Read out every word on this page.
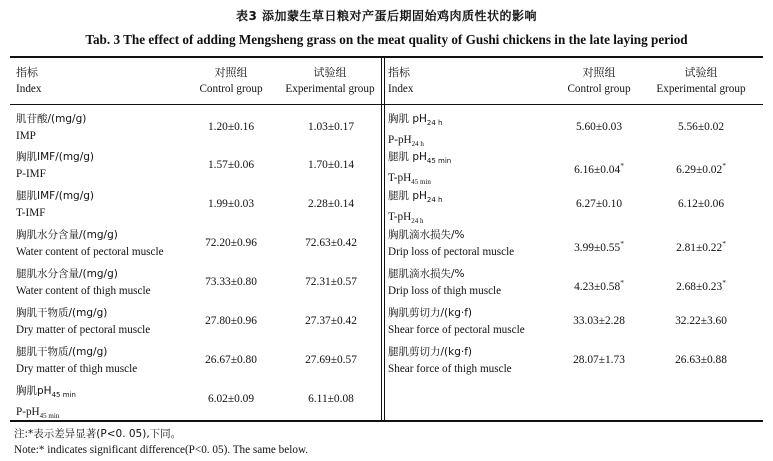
表3 添加蒙生草日粮对产蛋后期固始鸡肉质性状的影响
Tab. 3 The effect of adding Mengsheng grass on the meat quality of Gushi chickens in the late laying period
指标
Index
对照组
Control group
试验组
Experimental group
指标
Index
对照组
Control group
试验组
Experimental group
肌苷酸/(mg/g)
IMP
1.20±0.16	1.03±0.17
胸肌IMF/(mg/g)
P-IMF
1.57±0.06	1.70±0.14
腿肌IMF/(mg/g)
T-IMF
1.99±0.03	2.28±0.14
胸肌水分含量/(mg/g)
Water content of pectoral muscle
72.20±0.96	72.63±0.42
腿肌水分含量/(mg/g)
Water content of thigh muscle
73.33±0.80	72.31±0.57
胸肌干物质/(mg/g)
Dry matter of pectoral muscle
27.80±0.96	27.37±0.42
腿肌干物质/(mg/g)
Dry matter of thigh muscle
26.67±0.80	27.69±0.57
胸肌$pH_{45 min}$
$P-pH_{45 min}$
6.02±0.09	6.11±0.08
胸肌 $pH_{24 h}$
$P-pH_{24 h}$
5.60±0.03	5.56±0.02
腿肌 $pH_{45 min}$
$T-pH_{45 min}$
6.16±0.04*	6.29±0.02*
腿肌 $pH_{24 h}$
$T-pH_{24 h}$
6.27±0.10	6.12±0.06
胸肌滴水损失/%
Drip loss of pectoral muscle	3.99±0.55*	2.81±0.22*
腿肌滴水损失/%
Drip loss of thigh muscle	4.23±0.58*	2.68±0.23*
胸肌剪切力/(kg·f)
Shear force of pectoral muscle
33.03±2.28	32.22±3.60
腿肌剪切力/(kg·f)
Shear force of thigh muscle
28.07±1.73	26.63±0.88
注:*表示差异显著(P<0. 05),下同。
Note:* indicates significant difference(P<0. 05). The same below.
